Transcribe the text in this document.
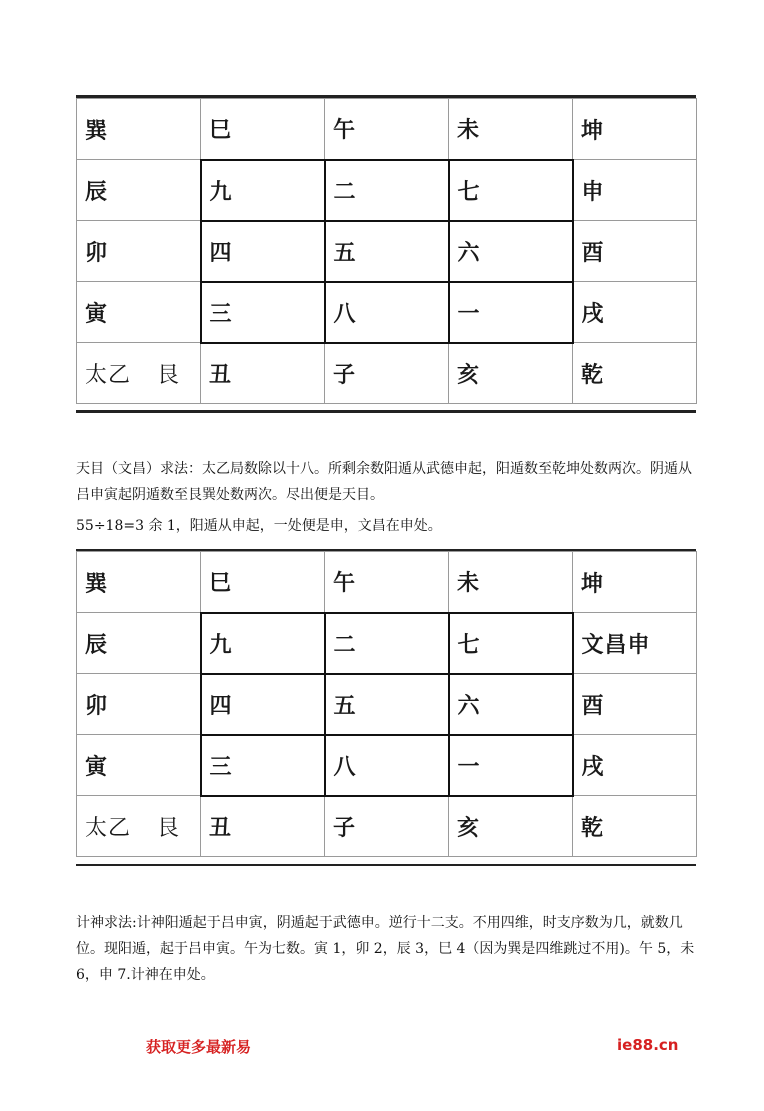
巽	巳	午	未	坤
辰	九	二	七	申
卯	四	五	六	酉
寅	三	八	一	戌
太乙 艮	丑	子	亥	乾

天目（文昌）求法：太乙局数除以十八。所剩余数阳遁从武德申起，阳遁数至乾坤处数两次。阴遁从吕申寅起阴遁数至艮巽处数两次。尽出便是天目。

55÷18=3 余 1，阳遁从申起，一处便是申，文昌在申处。

巽	巳	午	未	坤
辰	九	二	七	文昌申
卯	四	五	六	酉
寅	三	八	一	戌
太乙 艮	丑	子	亥	乾

计神求法:计神阳遁起于吕申寅，阴遁起于武德申。逆行十二支。不用四维，时支序数为几，就数几位。现阳遁，起于吕申寅。午为七数。寅 1，卯 2，辰 3，巳 4（因为巽是四维跳过不用)。午 5，未 6，申 7.计神在申处。

获取更多最新易	ie88.cn
